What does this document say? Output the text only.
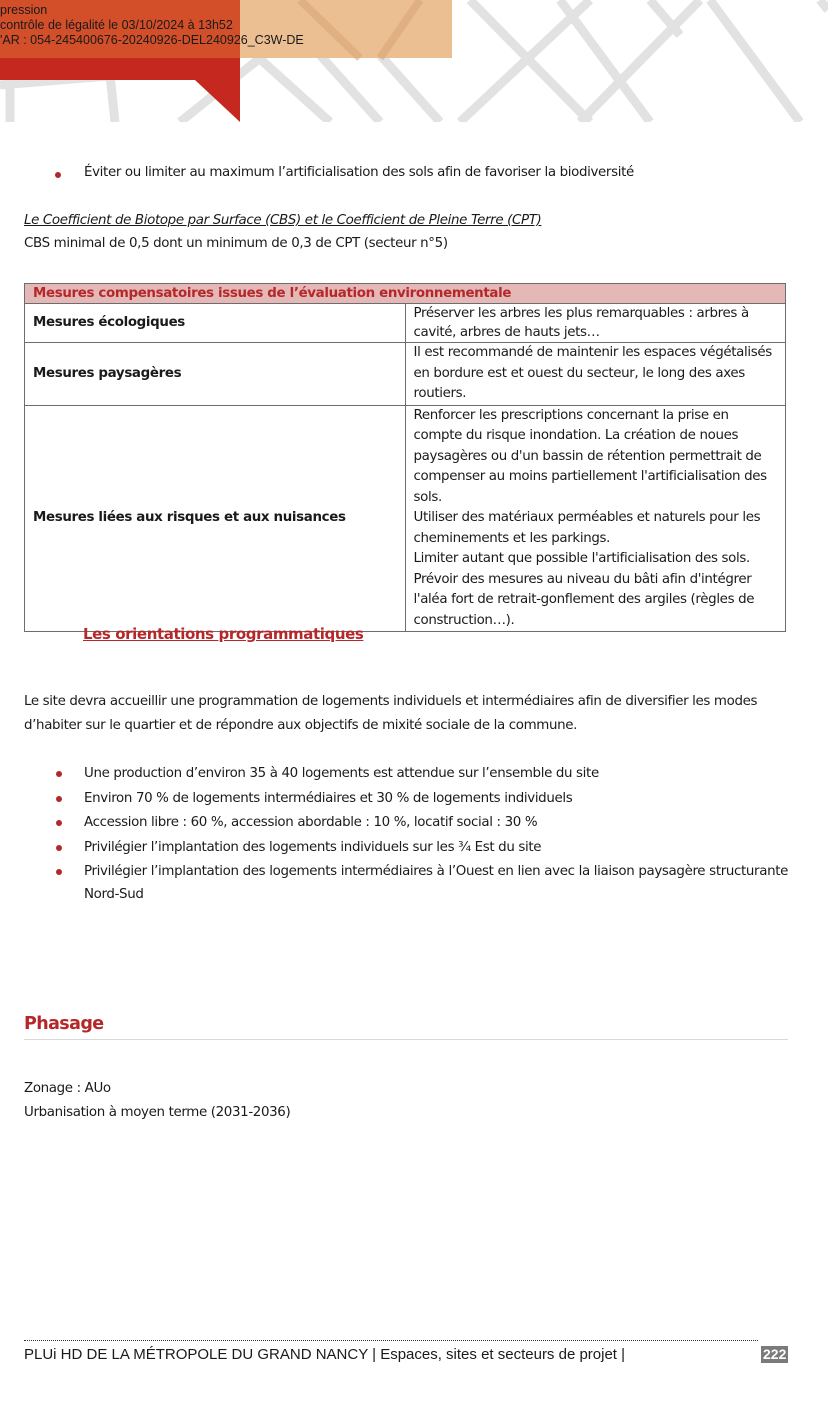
pression
contrôle de légalité le 03/10/2024 à 13h52
'AR : 054-245400676-20240926-DEL240926_C3W-DE
Éviter ou limiter au maximum l’artificialisation des sols afin de favoriser la biodiversité
Le Coefficient de Biotope par Surface (CBS) et le Coefficient de Pleine Terre (CPT)
CBS minimal de 0,5 dont un minimum de 0,3 de CPT (secteur n°5)
Mesures compensatoires issues de l’évaluation environnementale	
Mesures écologiques	Préserver les arbres les plus remarquables : arbres à cavité, arbres de hauts jets…
Mesures paysagères	Il est recommandé de maintenir les espaces végétalisés en bordure est et ouest du secteur, le long des axes routiers.
Mesures liées aux risques et aux nuisances	Renforcer les prescriptions concernant la prise en compte du risque inondation. La création de noues paysagères ou d'un bassin de rétention permettrait de compenser au moins partiellement l'artificialisation des sols.
Utiliser des matériaux perméables et naturels pour les cheminements et les parkings.
Limiter autant que possible l'artificialisation des sols.
Prévoir des mesures au niveau du bâti afin d'intégrer l'aléa fort de retrait-gonflement des argiles (règles de construction…).
Les orientations programmatiques
Le site devra accueillir une programmation de logements individuels et intermédiaires afin de diversifier les modes d’habiter sur le quartier et de répondre aux objectifs de mixité sociale de la commune.
Une production d’environ 35 à 40 logements est attendue sur l’ensemble du site
Environ 70 % de logements intermédiaires et 30 % de logements individuels
Accession libre : 60 %, accession abordable : 10 %, locatif social : 30 %
Privilégier l’implantation des logements individuels sur les ¾ Est du site
Privilégier l’implantation des logements intermédiaires à l’Ouest en lien avec la liaison paysagère structurante Nord-Sud
Phasage
Zonage : AUo
Urbanisation à moyen terme (2031-2036)
PLUi HD DE LA MÉTROPOLE DU GRAND NANCY | Espaces, sites et secteurs de projet |	222
